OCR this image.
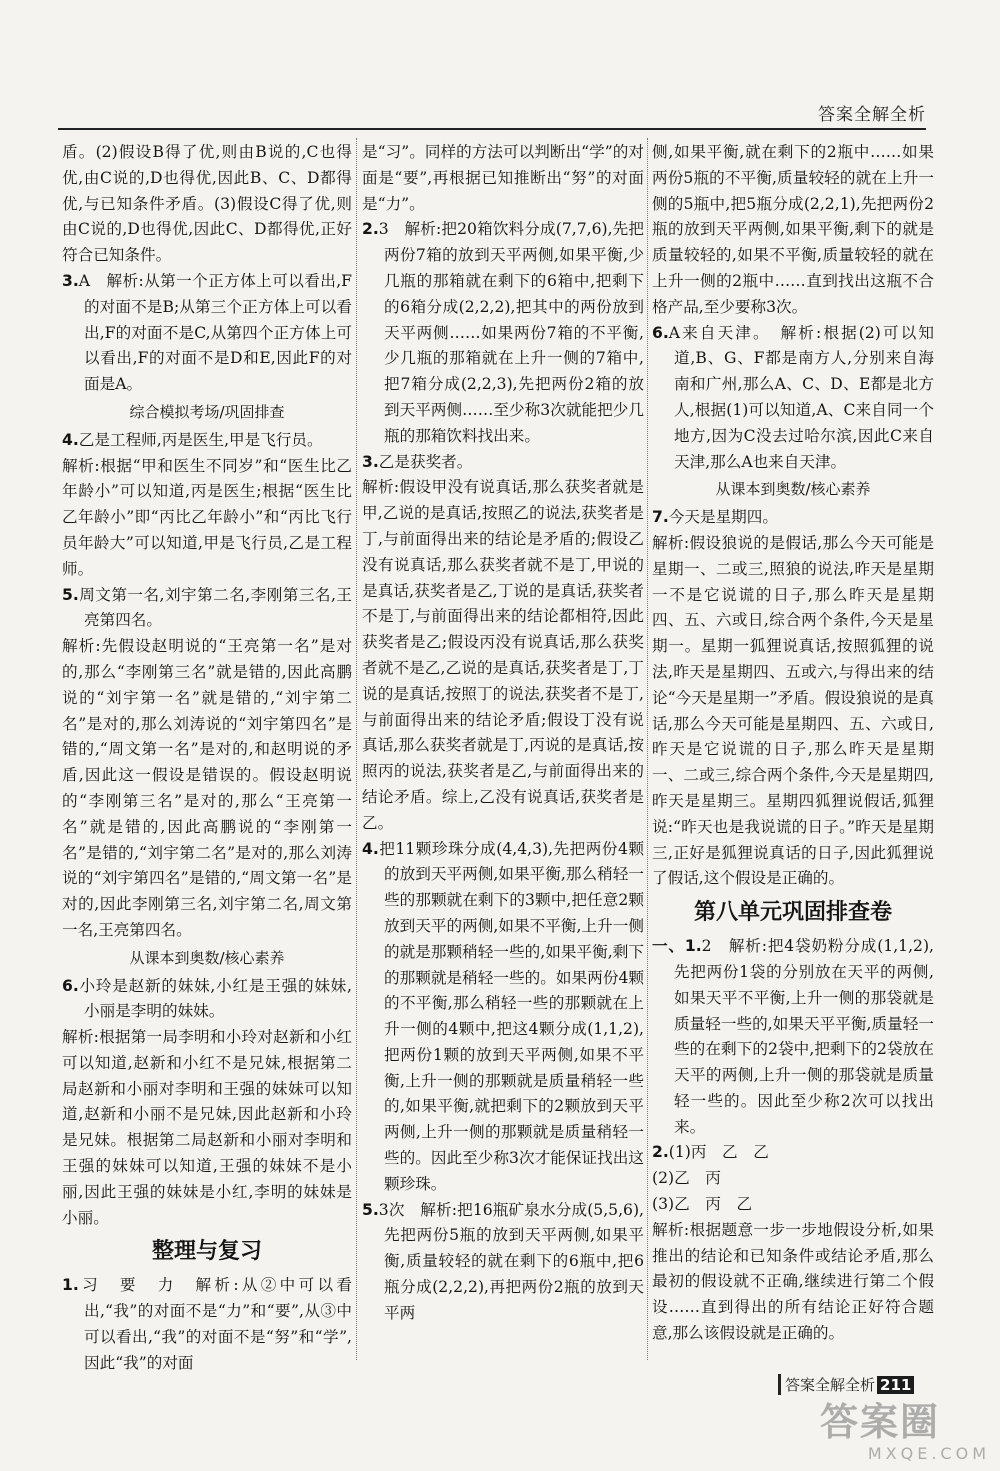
答案全解全析

盾。(2)假设B得了优,则由B说的,C也得优,由C说的,D也得优,因此B、C、D都得优,与已知条件矛盾。(3)假设C得了优,则由C说的,D也得优,因此C、D都得优,正好符合已知条件。

3.A　解析:从第一个正方体上可以看出,F的对面不是B;从第三个正方体上可以看出,F的对面不是C,从第四个正方体上可以看出,F的对面不是D和E,因此F的对面是A。

综合模拟考场/巩固排查

4.乙是工程师,丙是医生,甲是飞行员。

解析:根据“甲和医生不同岁”和“医生比乙年龄小”可以知道,丙是医生;根据“医生比乙年龄小”即“丙比乙年龄小”和“丙比飞行员年龄大”可以知道,甲是飞行员,乙是工程师。

5.周文第一名,刘宇第二名,李刚第三名,王亮第四名。

解析:先假设赵明说的“王亮第一名”是对的,那么“李刚第三名”就是错的,因此高鹏说的“刘宇第一名”就是错的,“刘宇第二名”是对的,那么刘涛说的“刘宇第四名”是错的,“周文第一名”是对的,和赵明说的矛盾,因此这一假设是错误的。假设赵明说的“李刚第三名”是对的,那么“王亮第一名”就是错的,因此高鹏说的“李刚第一名”是错的,“刘宇第二名”是对的,那么刘涛说的“刘宇第四名”是错的,“周文第一名”是对的,因此李刚第三名,刘宇第二名,周文第一名,王亮第四名。

从课本到奥数/核心素养

6.小玲是赵新的妹妹,小红是王强的妹妹,小丽是李明的妹妹。

解析:根据第一局李明和小玲对赵新和小红可以知道,赵新和小红不是兄妹,根据第二局赵新和小丽对李明和王强的妹妹可以知道,赵新和小丽不是兄妹,因此赵新和小玲是兄妹。根据第二局赵新和小丽对李明和王强的妹妹可以知道,王强的妹妹不是小丽,因此王强的妹妹是小红,李明的妹妹是小丽。

整理与复习

1.习　要　力　解析:从②中可以看出,“我”的对面不是“力”和“要”,从③中可以看出,“我”的对面不是“努”和“学”,因此“我”的对面

是“习”。同样的方法可以判断出“学”的对面是“要”,再根据已知推断出“努”的对面是“力”。

2.3　解析:把20箱饮料分成(7,7,6),先把两份7箱的放到天平两侧,如果平衡,少几瓶的那箱就在剩下的6箱中,把剩下的6箱分成(2,2,2),把其中的两份放到天平两侧……如果两份7箱的不平衡,少几瓶的那箱就在上升一侧的7箱中,把7箱分成(2,2,3),先把两份2箱的放到天平两侧……至少称3次就能把少几瓶的那箱饮料找出来。

3.乙是获奖者。

解析:假设甲没有说真话,那么获奖者就是甲,乙说的是真话,按照乙的说法,获奖者是丁,与前面得出来的结论是矛盾的;假设乙没有说真话,那么获奖者就不是丁,甲说的是真话,获奖者是乙,丁说的是真话,获奖者不是丁,与前面得出来的结论都相符,因此获奖者是乙;假设丙没有说真话,那么获奖者就不是乙,乙说的是真话,获奖者是丁,丁说的是真话,按照丁的说法,获奖者不是丁,与前面得出来的结论矛盾;假设丁没有说真话,那么获奖者就是丁,丙说的是真话,按照丙的说法,获奖者是乙,与前面得出来的结论矛盾。综上,乙没有说真话,获奖者是乙。

4.把11颗珍珠分成(4,4,3),先把两份4颗的放到天平两侧,如果平衡,那么稍轻一些的那颗就在剩下的3颗中,把任意2颗放到天平的两侧,如果不平衡,上升一侧的就是那颗稍轻一些的,如果平衡,剩下的那颗就是稍轻一些的。如果两份4颗的不平衡,那么稍轻一些的那颗就在上升一侧的4颗中,把这4颗分成(1,1,2),把两份1颗的放到天平两侧,如果不平衡,上升一侧的那颗就是质量稍轻一些的,如果平衡,就把剩下的2颗放到天平两侧,上升一侧的那颗就是质量稍轻一些的。因此至少称3次才能保证找出这颗珍珠。

5.3次　解析:把16瓶矿泉水分成(5,5,6),先把两份5瓶的放到天平两侧,如果平衡,质量较轻的就在剩下的6瓶中,把6瓶分成(2,2,2),再把两份2瓶的放到天平两

侧,如果平衡,就在剩下的2瓶中……如果两份5瓶的不平衡,质量较轻的就在上升一侧的5瓶中,把5瓶分成(2,2,1),先把两份2瓶的放到天平两侧,如果平衡,剩下的就是质量较轻的,如果不平衡,质量较轻的就在上升一侧的2瓶中……直到找出这瓶不合格产品,至少要称3次。

6.A来自天津。　解析:根据(2)可以知道,B、G、F都是南方人,分别来自海南和广州,那么A、C、D、E都是北方人,根据(1)可以知道,A、C来自同一个地方,因为C没去过哈尔滨,因此C来自天津,那么A也来自天津。

从课本到奥数/核心素养

7.今天是星期四。

解析:假设狼说的是假话,那么今天可能是星期一、二或三,照狼的说法,昨天是星期一不是它说谎的日子,那么昨天是星期四、五、六或日,综合两个条件,今天是星期一。星期一狐狸说真话,按照狐狸的说法,昨天是星期四、五或六,与得出来的结论“今天是星期一”矛盾。假设狼说的是真话,那么今天可能是星期四、五、六或日,昨天是它说谎的日子,那么昨天是星期一、二或三,综合两个条件,今天是星期四,昨天是星期三。星期四狐狸说假话,狐狸说:“昨天也是我说谎的日子。”昨天是星期三,正好是狐狸说真话的日子,因此狐狸说了假话,这个假设是正确的。

第八单元巩固排查卷

一、1.2　解析:把4袋奶粉分成(1,1,2),先把两份1袋的分别放在天平的两侧,如果天平不平衡,上升一侧的那袋就是质量轻一些的,如果天平平衡,质量轻一些的在剩下的2袋中,把剩下的2袋放在天平的两侧,上升一侧的那袋就是质量轻一些的。因此至少称2次可以找出来。

2.(1)丙　乙　乙

(2)乙　丙

(3)乙　丙　乙

解析:根据题意一步一步地假设分析,如果推出的结论和已知条件或结论矛盾,那么最初的假设就不正确,继续进行第二个假设……直到得出的所有结论正好符合题意,那么该假设就是正确的。

答案全解全析 211
答案圈
MXQE.COM
